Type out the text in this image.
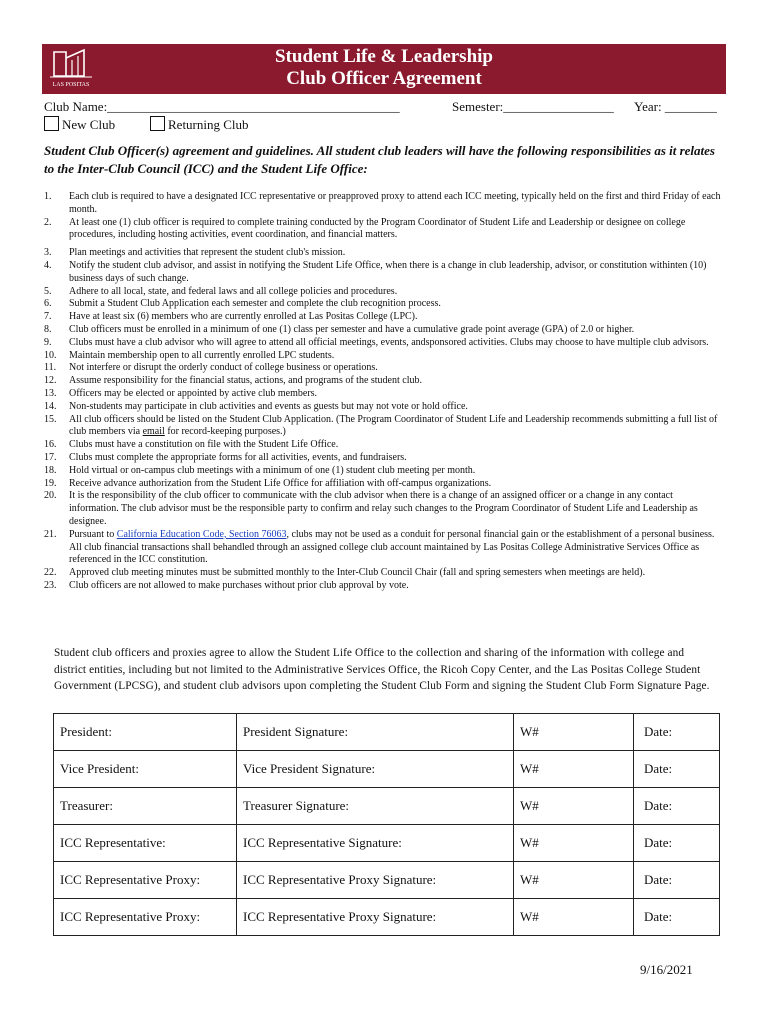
Student Life & Leadership
Club Officer Agreement
LAS POSITAS
Club Name:_____________________________________________	Semester:_________________ Year: ________
New Club	Returning Club
Student Club Officer(s) agreement and guidelines. All student club leaders will have the following responsibilities as it relates to the Inter-Club Council (ICC) and the Student Life Office:
1.	Each club is required to have a designated ICC representative or preapproved proxy to attend each ICC meeting, typically held on the first and third Friday of each month.
2.	At least one (1) club officer is required to complete training conducted by the Program Coordinator of Student Life and Leadership or designee on college procedures, including hosting activities, event coordination, and financial matters.
3.	Plan meetings and activities that represent the student club's mission.
4.	Notify the student club advisor, and assist in notifying the Student Life Office, when there is a change in club leadership, advisor, or constitution withinten (10) business days of such change.
5.	Adhere to all local, state, and federal laws and all college policies and procedures.
6.	Submit a Student Club Application each semester and complete the club recognition process.
7.	Have at least six (6) members who are currently enrolled at Las Positas College (LPC).
8.	Club officers must be enrolled in a minimum of one (1) class per semester and have a cumulative grade point average (GPA) of 2.0 or higher.
9.	Clubs must have a club advisor who will agree to attend all official meetings, events, andsponsored activities. Clubs may choose to have multiple club advisors.
10.	Maintain membership open to all currently enrolled LPC students.
11.	Not interfere or disrupt the orderly conduct of college business or operations.
12.	Assume responsibility for the financial status, actions, and programs of the student club.
13.	Officers may be elected or appointed by active club members.
14.	Non-students may participate in club activities and events as guests but may not vote or hold office.
15.	All club officers should be listed on the Student Club Application. (The Program Coordinator of Student Life and Leadership recommends submitting a full list of club members via email for record-keeping purposes.)
16.	Clubs must have a constitution on file with the Student Life Office.
17.	Clubs must complete the appropriate forms for all activities, events, and fundraisers.
18.	Hold virtual or on-campus club meetings with a minimum of one (1) student club meeting per month.
19.	Receive advance authorization from the Student Life Office for affiliation with off-campus organizations.
20.	It is the responsibility of the club officer to communicate with the club advisor when there is a change of an assigned officer or a change in any contact information. The club advisor must be the responsible party to confirm and relay such changes to the Program Coordinator of Student Life and Leadership as designee.
21.	Pursuant to California Education Code, Section 76063, clubs may not be used as a conduit for personal financial gain or the establishment of a personal business. All club financial transactions shall behandled through an assigned college club account maintained by Las Positas College Administrative Services Office as referenced in the ICC constitution.
22.	Approved club meeting minutes must be submitted monthly to the Inter-Club Council Chair (fall and spring semesters when meetings are held).
23.	Club officers are not allowed to make purchases without prior club approval by vote.
Student club officers and proxies agree to allow the Student Life Office to the collection and sharing of the information with college and district entities, including but not limited to the Administrative Services Office, the Ricoh Copy Center, and the Las Positas College Student Government (LPCSG), and student club advisors upon completing the Student Club Form and signing the Student Club Form Signature Page.
President:	President Signature:	W#	Date:
Vice President:	Vice President Signature:	W#	Date:
Treasurer:	Treasurer Signature:	W#	Date:
ICC Representative:	ICC Representative Signature:	W#	Date:
ICC Representative Proxy:	ICC Representative Proxy Signature:	W#	Date:
ICC Representative Proxy:	ICC Representative Proxy Signature:	W#	Date:
9/16/2021
